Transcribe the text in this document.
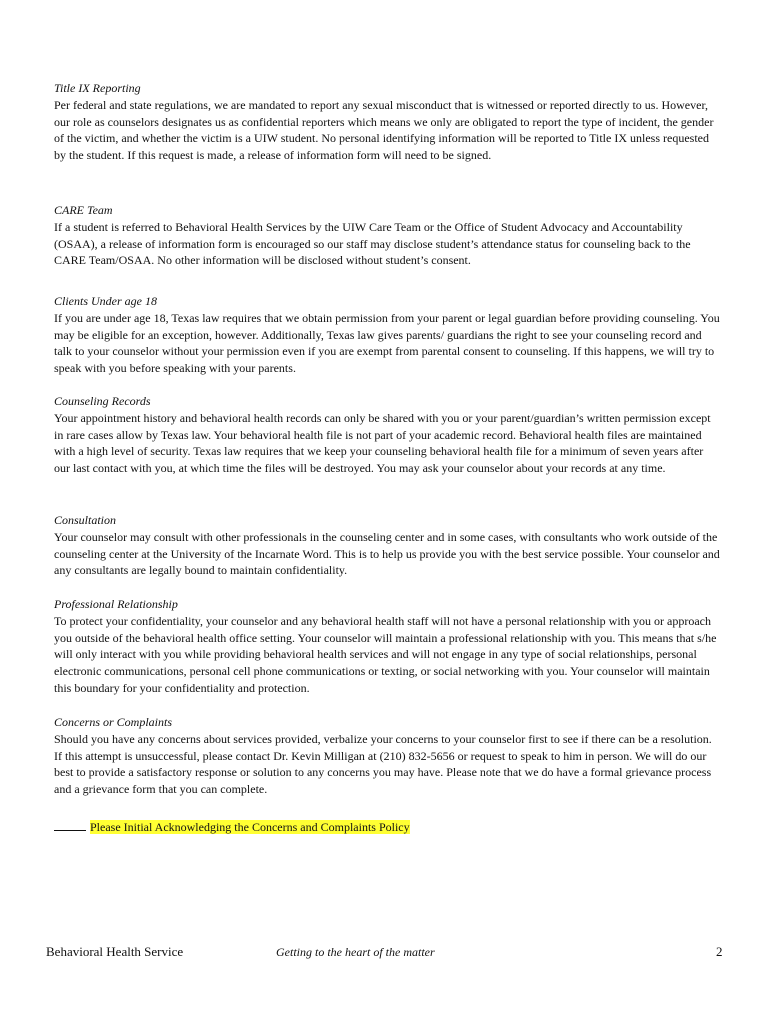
Title IX Reporting

Per federal and state regulations, we are mandated to report any sexual misconduct that is witnessed or reported directly to us. However, our role as counselors designates us as confidential reporters which means we only are obligated to report the type of incident, the gender of the victim, and whether the victim is a UIW student. No personal identifying information will be reported to Title IX unless requested by the student. If this request is made, a release of information form will need to be signed.

CARE Team

If a student is referred to Behavioral Health Services by the UIW Care Team or the Office of Student Advocacy and Accountability (OSAA), a release of information form is encouraged so our staff may disclose student’s attendance status for counseling back to the CARE Team/OSAA. No other information will be disclosed without student’s consent.

Clients Under age 18

If you are under age 18, Texas law requires that we obtain permission from your parent or legal guardian before providing counseling. You may be eligible for an exception, however. Additionally, Texas law gives parents/ guardians the right to see your counseling record and talk to your counselor without your permission even if you are exempt from parental consent to counseling. If this happens, we will try to speak with you before speaking with your parents.

Counseling Records

Your appointment history and behavioral health records can only be shared with you or your parent/guardian’s written permission except in rare cases allow by Texas law. Your behavioral health file is not part of your academic record. Behavioral health files are maintained with a high level of security. Texas law requires that we keep your counseling behavioral health file for a minimum of seven years after our last contact with you, at which time the files will be destroyed. You may ask your counselor about your records at any time.

Consultation

Your counselor may consult with other professionals in the counseling center and in some cases, with consultants who work outside of the counseling center at the University of the Incarnate Word. This is to help us provide you with the best service possible. Your counselor and any consultants are legally bound to maintain confidentiality.

Professional Relationship

To protect your confidentiality, your counselor and any behavioral health staff will not have a personal relationship with you or approach you outside of the behavioral health office setting. Your counselor will maintain a professional relationship with you. This means that s/he will only interact with you while providing behavioral health services and will not engage in any type of social relationships, personal electronic communications, personal cell phone communications or texting, or social networking with you. Your counselor will maintain this boundary for your confidentiality and protection.

Concerns or Complaints

Should you have any concerns about services provided, verbalize your concerns to your counselor first to see if there can be a resolution. If this attempt is unsuccessful, please contact Dr. Kevin Milligan at (210) 832-5656 or request to speak to him in person. We will do our best to provide a satisfactory response or solution to any concerns you may have. Please note that we do have a formal grievance process and a grievance form that you can complete.

Please Initial Acknowledging the Concerns and Complaints Policy
Behavioral Health Service	Getting to the heart of the matter	2
